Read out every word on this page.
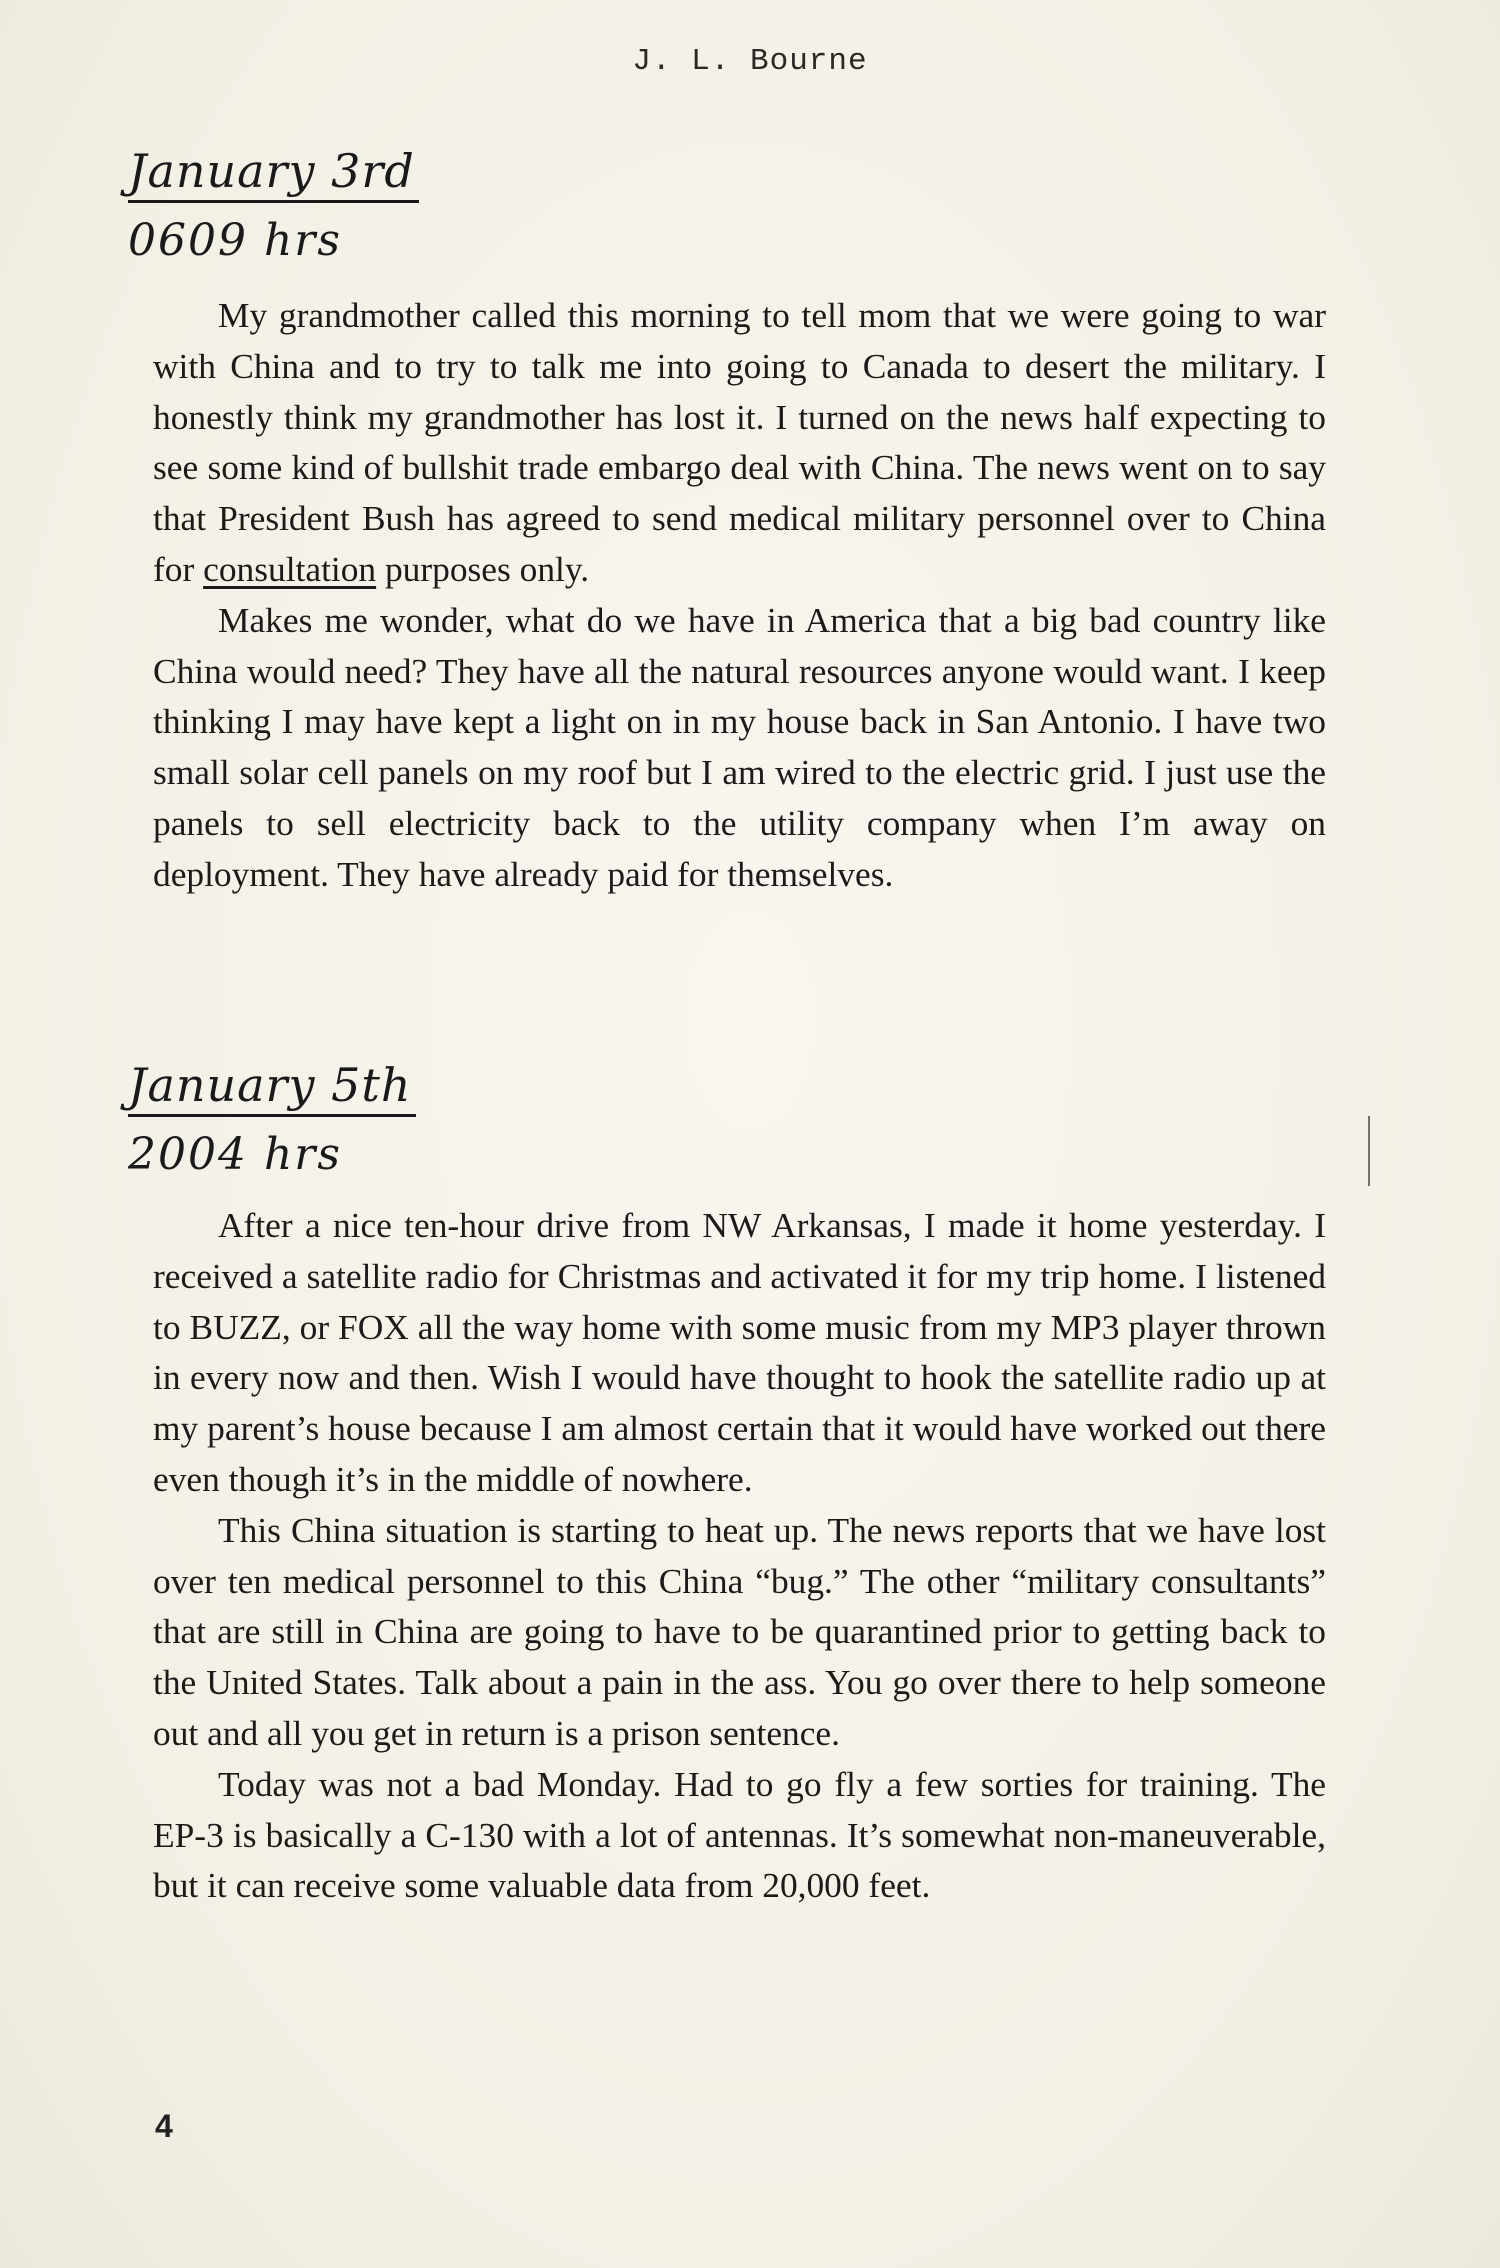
J. L. Bourne
January 3rd
0609 hrs

My grandmother called this morning to tell mom that we were going to war with China and to try to talk me into going to Canada to desert the military. I honestly think my grandmother has lost it. I turned on the news half expecting to see some kind of bullshit trade embargo deal with China. The news went on to say that President Bush has agreed to send medical military personnel over to China for consultation purposes only.

Makes me wonder, what do we have in America that a big bad country like China would need? They have all the natural resources anyone would want. I keep thinking I may have kept a light on in my house back in San Antonio. I have two small solar cell panels on my roof but I am wired to the electric grid. I just use the panels to sell electricity back to the utility company when I’m away on deployment. They have already paid for themselves.

January 5th
2004 hrs

After a nice ten-hour drive from NW Arkansas, I made it home yesterday. I received a satellite radio for Christmas and activated it for my trip home. I listened to BUZZ, or FOX all the way home with some music from my MP3 player thrown in every now and then. Wish I would have thought to hook the satellite radio up at my parent’s house because I am almost certain that it would have worked out there even though it’s in the middle of nowhere.

This China situation is starting to heat up. The news reports that we have lost over ten medical personnel to this China “bug.” The other “military consultants” that are still in China are going to have to be quarantined prior to getting back to the United States. Talk about a pain in the ass. You go over there to help someone out and all you get in return is a prison sentence.

Today was not a bad Monday. Had to go fly a few sorties for training. The EP-3 is basically a C-130 with a lot of antennas. It’s somewhat non-maneuverable, but it can receive some valuable data from 20,000 feet.

4
